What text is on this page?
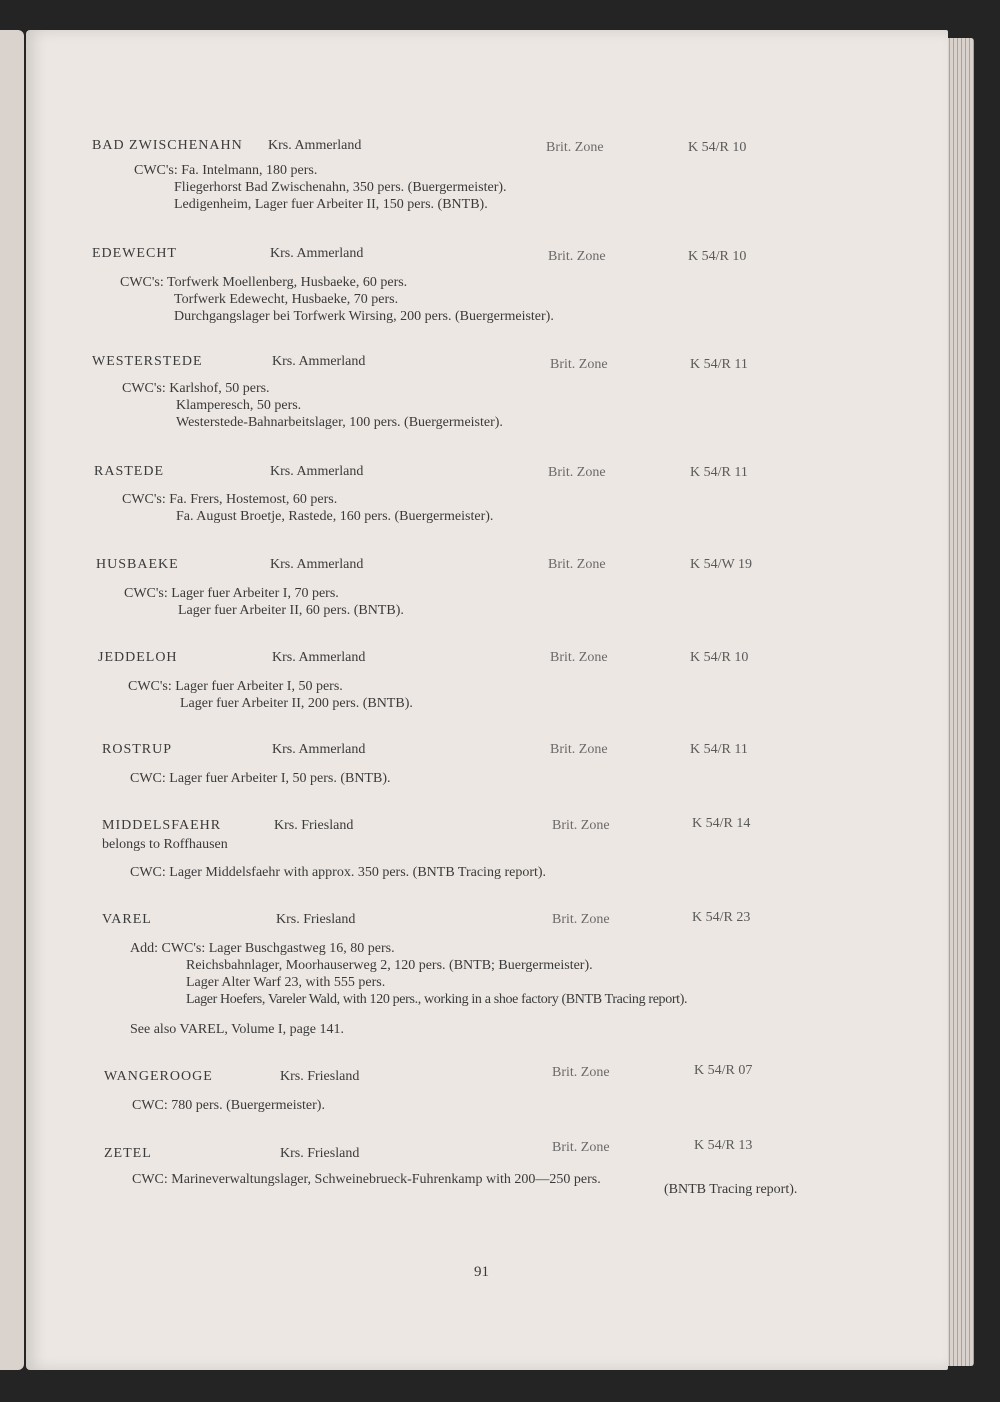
BAD ZWISCHENAHN Krs. Ammerland	Brit. Zone	K 54/R 10
CWC's: Fa. Intelmann, 180 pers.
Fliegerhorst Bad Zwischenahn, 350 pers. (Buergermeister).
Ledigenheim, Lager fuer Arbeiter II, 150 pers. (BNTB).
EDEWECHT	Krs. Ammerland	Brit. Zone	K 54/R 10
CWC's: Torfwerk Moellenberg, Husbaeke, 60 pers.
Torfwerk Edewecht, Husbaeke, 70 pers.
Durchgangslager bei Torfwerk Wirsing, 200 pers. (Buergermeister).
WESTERSTEDE	Krs. Ammerland	Brit. Zone	K 54/R 11
CWC's: Karlshof, 50 pers.
Klamperesch, 50 pers.
Westerstede-Bahnarbeitslager, 100 pers. (Buergermeister).
RASTEDE	Krs. Ammerland	Brit. Zone	K 54/R 11
CWC's: Fa. Frers, Hostemost, 60 pers.
Fa. August Broetje, Rastede, 160 pers. (Buergermeister).
HUSBAEKE	Krs. Ammerland	Brit. Zone	K 54/W 19
CWC's: Lager fuer Arbeiter I, 70 pers.
Lager fuer Arbeiter II, 60 pers. (BNTB).
JEDDELOH	Krs. Ammerland	Brit. Zone	K 54/R 10
CWC's: Lager fuer Arbeiter I, 50 pers.
Lager fuer Arbeiter II, 200 pers. (BNTB).
ROSTRUP	Krs. Ammerland	Brit. Zone	K 54/R 11
CWC: Lager fuer Arbeiter I, 50 pers. (BNTB).
MIDDELSFAEHR	Krs. Friesland	Brit. Zone	K 54/R 14
belongs to Roffhausen
CWC: Lager Middelsfaehr with approx. 350 pers. (BNTB Tracing report).
VAREL	Krs. Friesland	Brit. Zone	K 54/R 23
Add: CWC's: Lager Buschgastweg 16, 80 pers.
Reichsbahnlager, Moorhauserweg 2, 120 pers. (BNTB; Buergermeister).
Lager Alter Warf 23, with 555 pers.
Lager Hoefers, Vareler Wald, with 120 pers., working in a shoe factory (BNTB Tracing report).
See also VAREL, Volume I, page 141.
WANGEROOGE	Krs. Friesland	Brit. Zone	K 54/R 07
CWC: 780 pers. (Buergermeister).
ZETEL	Krs. Friesland	Brit. Zone	K 54/R 13
CWC: Marineverwaltungslager, Schweinebrueck-Fuhrenkamp with 200—250 pers.
(BNTB Tracing report).
91
